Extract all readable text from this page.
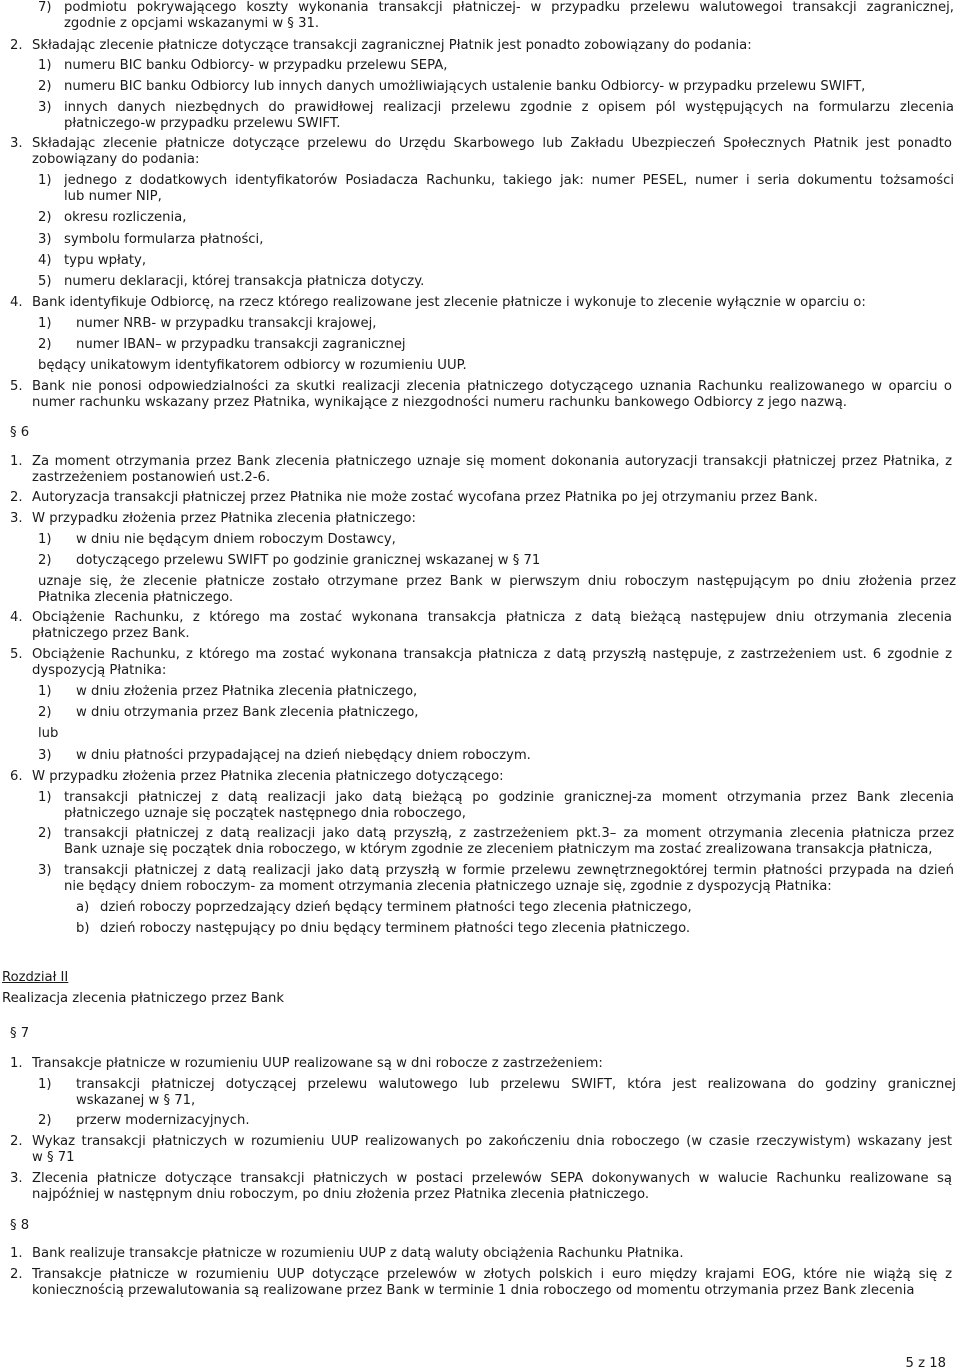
7) podmiotu pokrywającego koszty wykonania transakcji płatniczej- w przypadku przelewu walutowegoi transakcji zagranicznej,
zgodnie z opcjami wskazanymi w § 31.
2. Składając zlecenie płatnicze dotyczące transakcji zagranicznej Płatnik jest ponadto zobowiązany do podania:
1) numeru BIC banku Odbiorcy- w przypadku przelewu SEPA,
2) numeru BIC banku Odbiorcy lub innych danych umożliwiających ustalenie banku Odbiorcy- w przypadku przelewu SWIFT,
3) innych danych niezbędnych do prawidłowej realizacji przelewu zgodnie z opisem pól występujących na formularzu zlecenia
płatniczego-w przypadku przelewu SWIFT.
3. Składając zlecenie płatnicze dotyczące przelewu do Urzędu Skarbowego lub Zakładu Ubezpieczeń Społecznych Płatnik jest ponadto
zobowiązany do podania:
1) jednego z dodatkowych identyfikatorów Posiadacza Rachunku, takiego jak: numer PESEL, numer i seria dokumentu tożsamości
lub numer NIP,
2) okresu rozliczenia,
3) symbolu formularza płatności,
4) typu wpłaty,
5) numeru deklaracji, której transakcja płatnicza dotyczy.
4. Bank identyfikuje Odbiorcę, na rzecz którego realizowane jest zlecenie płatnicze i wykonuje to zlecenie wyłącznie w oparciu o:
1) numer NRB- w przypadku transakcji krajowej,
2) numer IBAN– w przypadku transakcji zagranicznej
będący unikatowym identyfikatorem odbiorcy w rozumieniu UUP.
5. Bank nie ponosi odpowiedzialności za skutki realizacji zlecenia płatniczego dotyczącego uznania Rachunku realizowanego w oparciu o
numer rachunku wskazany przez Płatnika, wynikające z niezgodności numeru rachunku bankowego Odbiorcy z jego nazwą.
§ 6
1. Za moment otrzymania przez Bank zlecenia płatniczego uznaje się moment dokonania autoryzacji transakcji płatniczej przez Płatnika, z
zastrzeżeniem postanowień ust.2-6.
2. Autoryzacja transakcji płatniczej przez Płatnika nie może zostać wycofana przez Płatnika po jej otrzymaniu przez Bank.
3. W przypadku złożenia przez Płatnika zlecenia płatniczego:
1) w dniu nie będącym dniem roboczym Dostawcy,
2) dotyczącego przelewu SWIFT po godzinie granicznej wskazanej w § 71
uznaje się, że zlecenie płatnicze zostało otrzymane przez Bank w pierwszym dniu roboczym następującym po dniu złożenia przez
Płatnika zlecenia płatniczego.
4. Obciążenie Rachunku, z którego ma zostać wykonana transakcja płatnicza z datą bieżącą następujew dniu otrzymania zlecenia
płatniczego przez Bank.
5. Obciążenie Rachunku, z którego ma zostać wykonana transakcja płatnicza z datą przyszłą następuje, z zastrzeżeniem ust. 6 zgodnie z
dyspozycją Płatnika:
1) w dniu złożenia przez Płatnika zlecenia płatniczego,
2) w dniu otrzymania przez Bank zlecenia płatniczego,
lub
3) w dniu płatności przypadającej na dzień niebędący dniem roboczym.
6. W przypadku złożenia przez Płatnika zlecenia płatniczego dotyczącego:
1) transakcji płatniczej z datą realizacji jako datą bieżącą po godzinie granicznej-za moment otrzymania przez Bank zlecenia
płatniczego uznaje się początek następnego dnia roboczego,
2) transakcji płatniczej z datą realizacji jako datą przyszłą, z zastrzeżeniem pkt.3– za moment otrzymania zlecenia płatnicza przez
Bank uznaje się początek dnia roboczego, w którym zgodnie ze zleceniem płatniczym ma zostać zrealizowana transakcja płatnicza,
3) transakcji płatniczej z datą realizacji jako datą przyszłą w formie przelewu zewnętrznegoktórej termin płatności przypada na dzień
nie będący dniem roboczym- za moment otrzymania zlecenia płatniczego uznaje się, zgodnie z dyspozycją Płatnika:
a) dzień roboczy poprzedzający dzień będący terminem płatności tego zlecenia płatniczego,
b) dzień roboczy następujący po dniu będący terminem płatności tego zlecenia płatniczego.
Rozdział II
Realizacja zlecenia płatniczego przez Bank
§ 7
1. Transakcje płatnicze w rozumieniu UUP realizowane są w dni robocze z zastrzeżeniem:
1) transakcji płatniczej dotyczącej przelewu walutowego lub przelewu SWIFT, która jest realizowana do godziny granicznej
wskazanej w § 71,
2) przerw modernizacyjnych.
2. Wykaz transakcji płatniczych w rozumieniu UUP realizowanych po zakończeniu dnia roboczego (w czasie rzeczywistym) wskazany jest
w § 71
3. Zlecenia płatnicze dotyczące transakcji płatniczych w postaci przelewów SEPA dokonywanych w walucie Rachunku realizowane są
najpóźniej w następnym dniu roboczym, po dniu złożenia przez Płatnika zlecenia płatniczego.
§ 8
1. Bank realizuje transakcje płatnicze w rozumieniu UUP z datą waluty obciążenia Rachunku Płatnika.
2. Transakcje płatnicze w rozumieniu UUP dotyczące przelewów w złotych polskich i euro między krajami EOG, które nie wiążą się z
koniecznością przewalutowania są realizowane przez Bank w terminie 1 dnia roboczego od momentu otrzymania przez Bank zlecenia
5 z 18
